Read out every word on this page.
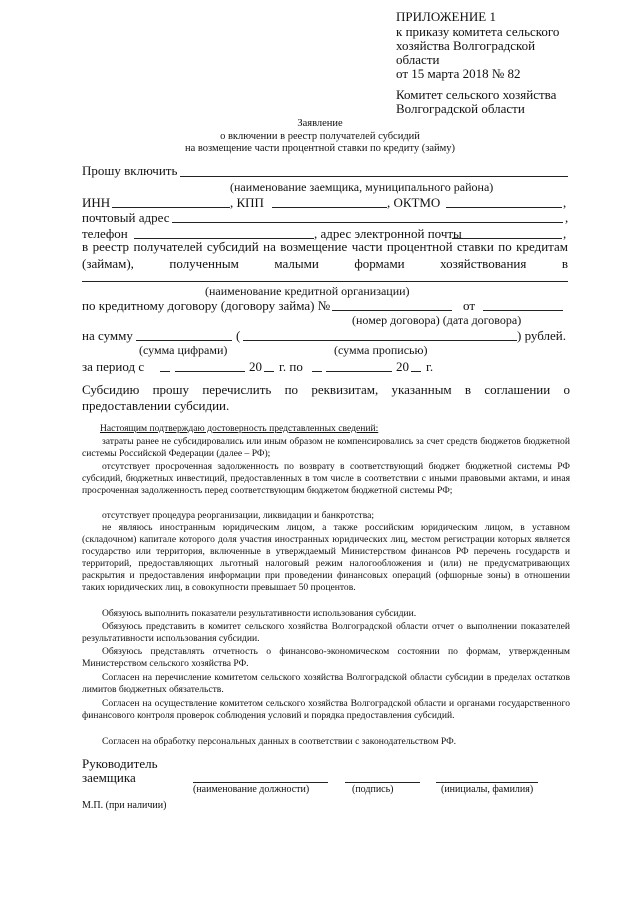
ПРИЛОЖЕНИЕ 1
к приказу комитета сельского
хозяйства Волгоградской
области
от 15 марта 2018 № 82
Комитет сельского хозяйства
Волгоградской области
Заявление
о включении в реестр получателей субсидий
на возмещение части процентной ставки по кредиту (займу)
Прошу включить
(наименование заемщика, муниципального района)
ИНН	, КПП	, ОКТМО	,
почтовый адрес	,
телефон	, адрес электронной почты	,
в реестр получателей субсидий на возмещение части процентной ставки по кредитам
(займам),	полученным	малыми	формами	хозяйствования	в
(наименование кредитной организации)
по кредитному договору (договору займа) №	от
(номер договора) (дата договора)
на сумму	(	) рублей.
(сумма цифрами)	(сумма прописью)
за период с	20 г. по	20 г.
Субсидию прошу перечислить по реквизитам, указанным в соглашении о предоставлении субсидии.
Настоящим подтверждаю достоверность представленных сведений:
затраты ранее не субсидировались или иным образом не компенсировались за счет средств бюджетов бюджетной системы Российской Федерации (далее – РФ);
отсутствует просроченная задолженность по возврату в соответствующий бюджет бюджетной системы РФ субсидий, бюджетных инвестиций, предоставленных в том числе в соответствии с иными правовыми актами, и иная просроченная задолженность перед соответствующим бюджетом бюджетной системы РФ;
отсутствует процедура реорганизации, ликвидации и банкротства;
не являюсь иностранным юридическим лицом, а также российским юридическим лицом, в уставном (складочном) капитале которого доля участия иностранных юридических лиц, местом регистрации которых является государство или территория, включенные в утверждаемый Министерством финансов РФ перечень государств и территорий, предоставляющих льготный налоговый режим налогообложения и (или) не предусматривающих раскрытия и предоставления информации при проведении финансовых операций (офшорные зоны) в отношении таких юридических лиц, в совокупности превышает 50 процентов.
Обязуюсь выполнить показатели результативности использования субсидии.
Обязуюсь представить в комитет сельского хозяйства Волгоградской области отчет о выполнении показателей результативности использования субсидии.
Обязуюсь представлять отчетность о финансово-экономическом состоянии по формам, утвержденным Министерством сельского хозяйства РФ.
Согласен на перечисление комитетом сельского хозяйства Волгоградской области субсидии в пределах остатков лимитов бюджетных обязательств.
Согласен на осуществление комитетом сельского хозяйства Волгоградской области и органами государственного финансового контроля проверок соблюдения условий и порядка предоставления субсидий.
Согласен на обработку персональных данных в соответствии с законодательством РФ.
Руководитель
заемщика
(наименование должности)	(подпись)	(инициалы, фамилия)
М.П. (при наличии)
